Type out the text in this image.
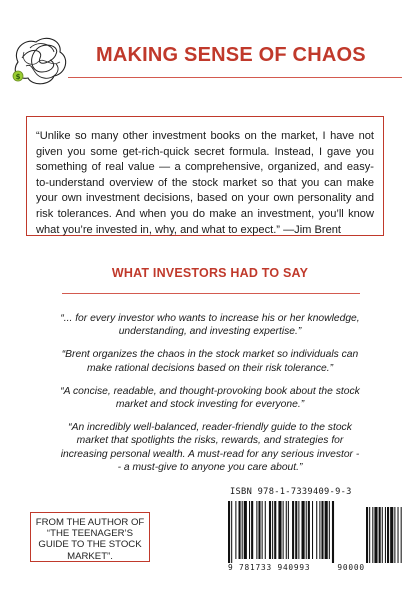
$
MAKING SENSE OF CHAOS
“Unlike so many other investment books on the market, I have not given you some get-rich-quick secret formula. Instead, I gave you something of real value — a comprehensive, organized, and easy-to-understand overview of the stock market so that you can make your own investment decisions, based on your own personality and risk tolerances. And when you do make an investment, you’ll know what you’re invested in, why, and what to expect.” —Jim Brent
WHAT INVESTORS HAD TO SAY

“... for every investor who wants to increase his or her knowledge, understanding, and investing expertise.”

“Brent organizes the chaos in the stock market so individuals can make rational decisions based on their risk tolerance.”

“A concise, readable, and thought-provoking book about the stock market and stock investing for everyone.”

“An incredibly well-balanced, reader-friendly guide to the stock market that spotlights the risks, rewards, and strategies for increasing personal wealth. A must-read for any serious investor -- a must-give to anyone you care about.”

FROM THE AUTHOR OF “THE TEENAGER’S GUIDE TO THE STOCK MARKET”.
ISBN 978-1-7339409-9-3
9 781733 940993	90000
